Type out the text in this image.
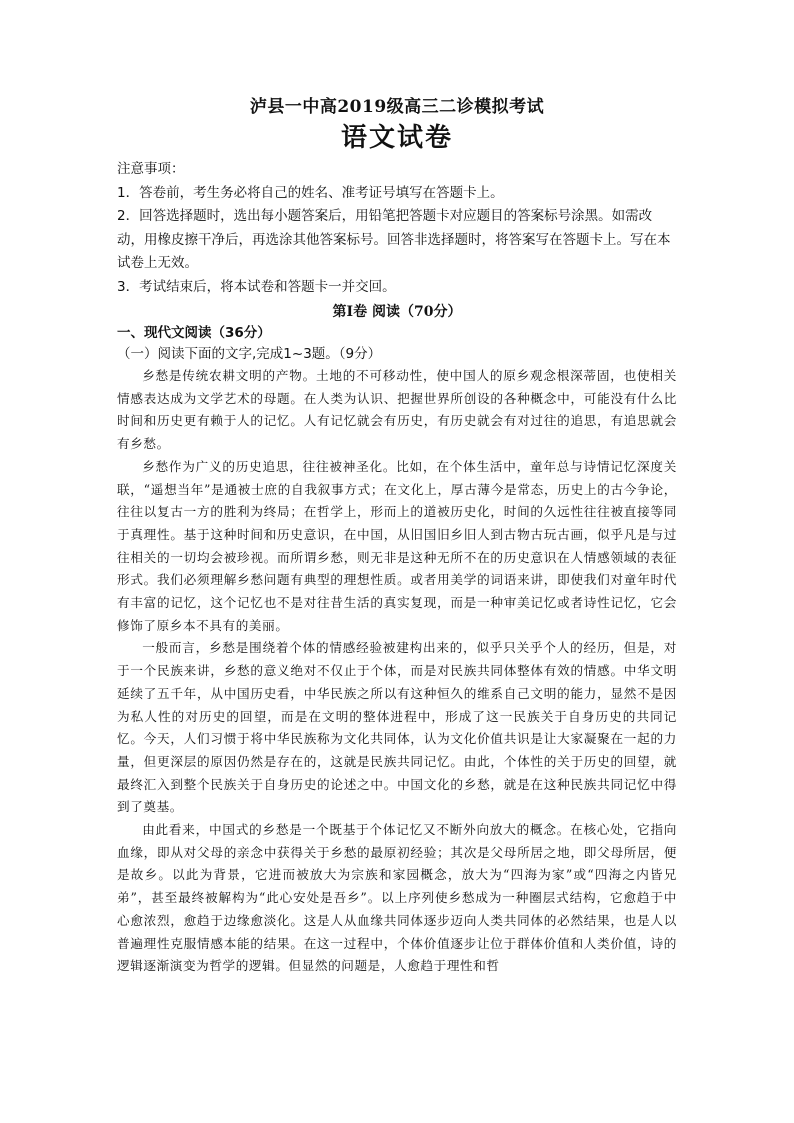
泸县一中高2019级高三二诊模拟考试
语文试卷

注意事项：

1．答卷前，考生务必将自己的姓名、准考证号填写在答题卡上。

2．回答选择题时，选出每小题答案后，用铅笔把答题卡对应题目的答案标号涂黑。如需改动，用橡皮擦干净后，再选涂其他答案标号。回答非选择题时，将答案写在答题卡上。写在本试卷上无效。

3．考试结束后，将本试卷和答题卡一并交回。

第Ⅰ卷 阅读（70分）

一、现代文阅读（36分）

（一）阅读下面的文字,完成1~3题。（9分）

乡愁是传统农耕文明的产物。土地的不可移动性，使中国人的原乡观念根深蒂固，也使相关情感表达成为文学艺术的母题。在人类为认识、把握世界所创设的各种概念中，可能没有什么比时间和历史更有赖于人的记忆。人有记忆就会有历史，有历史就会有对过往的追思，有追思就会有乡愁。

乡愁作为广义的历史追思，往往被神圣化。比如，在个体生活中，童年总与诗情记忆深度关联，“遥想当年”是通被士庶的自我叙事方式；在文化上，厚古薄今是常态，历史上的古今争论，往往以复古一方的胜利为终局；在哲学上，形而上的道被历史化，时间的久远性往往被直接等同于真理性。基于这种时间和历史意识，在中国，从旧国旧乡旧人到古物古玩古画，似乎凡是与过往相关的一切均会被珍视。而所谓乡愁，则无非是这种无所不在的历史意识在人情感领域的表征形式。我们必须理解乡愁问题有典型的理想性质。或者用美学的词语来讲，即使我们对童年时代有丰富的记忆，这个记忆也不是对往昔生活的真实复现，而是一种审美记忆或者诗性记忆，它会修饰了原乡本不具有的美丽。

一般而言，乡愁是围绕着个体的情感经验被建构出来的，似乎只关乎个人的经历，但是，对于一个民族来讲，乡愁的意义绝对不仅止于个体，而是对民族共同体整体有效的情感。中华文明延续了五千年，从中国历史看，中华民族之所以有这种恒久的维系自己文明的能力，显然不是因为私人性的对历史的回望，而是在文明的整体进程中，形成了这一民族关于自身历史的共同记忆。今天，人们习惯于将中华民族称为文化共同体，认为文化价值共识是让大家凝聚在一起的力量，但更深层的原因仍然是存在的，这就是民族共同记忆。由此，个体性的关于历史的回望，就最终汇入到整个民族关于自身历史的论述之中。中国文化的乡愁，就是在这种民族共同记忆中得到了奠基。

由此看来，中国式的乡愁是一个既基于个体记忆又不断外向放大的概念。在核心处，它指向血缘，即从对父母的亲念中获得关于乡愁的最原初经验；其次是父母所居之地，即父母所居，便是故乡。以此为背景，它进而被放大为宗族和家园概念，放大为“四海为家”或“四海之内皆兄弟”，甚至最终被解构为“此心安处是吾乡”。以上序列使乡愁成为一种圈层式结构，它愈趋于中心愈浓烈，愈趋于边缘愈淡化。这是人从血缘共同体逐步迈向人类共同体的必然结果，也是人以普遍理性克服情感本能的结果。在这一过程中，个体价值逐步让位于群体价值和人类价值，诗的逻辑逐渐演变为哲学的逻辑。但显然的问题是，人愈趋于理性和哲
